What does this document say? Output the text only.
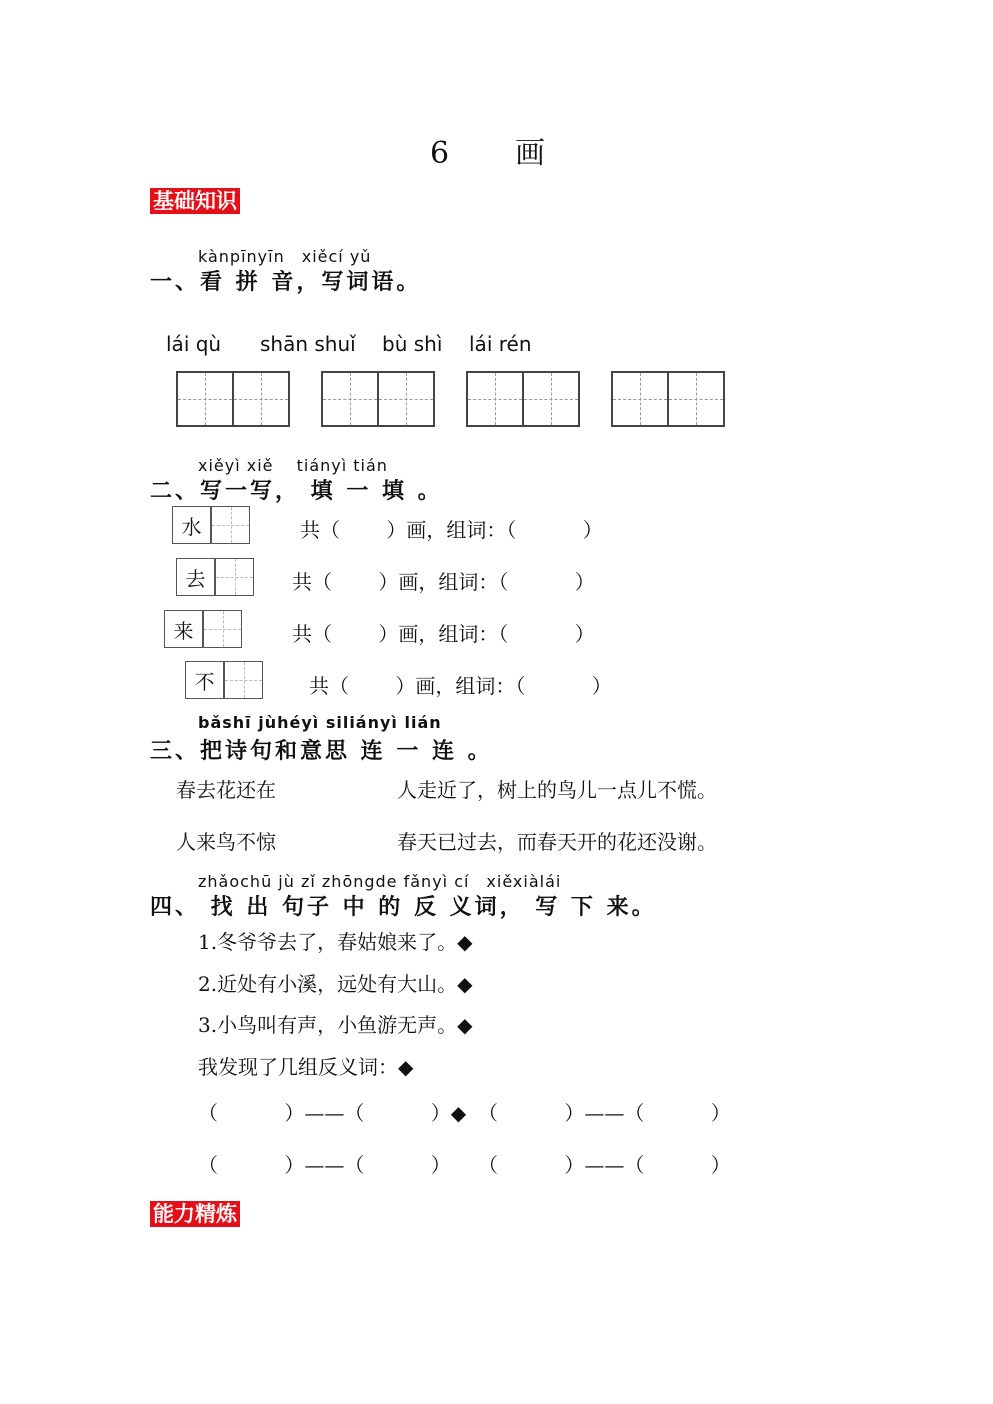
6　画
基础知识
kànpīnyīn　xiěcí yǔ
一、看 拼 音，写词语。
lái qù shān shuǐ bù shì lái rén
xiěyì xiě　 tiányì tián
二、写一写， 填 一 填 。
水	共（　　 ）画，组词：（　　　 ）
去	共（　　 ）画，组词：（　　　 ）
来	共（　　 ）画，组词：（　　　 ）
不	共（　　 ）画，组词：（　　　 ）
bǎshī jùhéyì siliányì lián
三、把诗句和意思 连 一 连 。
春去花还在	人走近了，树上的鸟儿一点儿不慌。
人来鸟不惊	春天已过去，而春天开的花还没谢。
zhǎochū jù zǐ zhōngde fǎnyì cí　xiěxiàlái
四、 找 出 句子 中 的 反 义词， 写 下 来。
1.冬爷爷去了，春姑娘来了。◆
2.近处有小溪，远处有大山。◆
3.小鸟叫有声，小鱼游无声。◆
我发现了几组反义词：◆
（　　　 ）——（　　　 ）◆ （　　　 ）——（　　　 ）
（　　　 ）——（　　　 ） （　　　 ）——（　　　 ）
能力精炼
